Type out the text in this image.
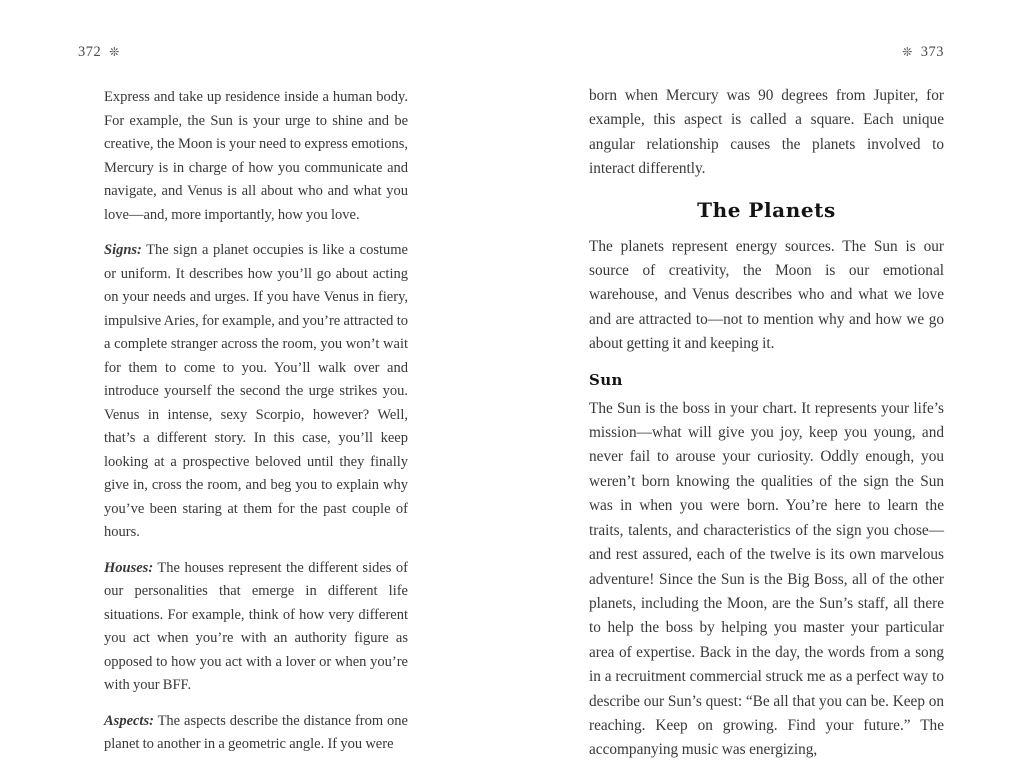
372 ❊

Express and take up residence inside a human body. For example, the Sun is your urge to shine and be creative, the Moon is your need to express emotions, Mercury is in charge of how you communicate and navigate, and Venus is all about who and what you love—and, more importantly, how you love.

Signs: The sign a planet occupies is like a costume or uniform. It describes how you’ll go about acting on your needs and urges. If you have Venus in fiery, impulsive Aries, for example, and you’re attracted to a complete stranger across the room, you won’t wait for them to come to you. You’ll walk over and introduce yourself the second the urge strikes you. Venus in intense, sexy Scorpio, however? Well, that’s a different story. In this case, you’ll keep looking at a prospective beloved until they finally give in, cross the room, and beg you to explain why you’ve been staring at them for the past couple of hours.

Houses: The houses represent the different sides of our personalities that emerge in different life situations. For example, think of how very different you act when you’re with an authority figure as opposed to how you act with a lover or when you’re with your BFF.

Aspects: The aspects describe the distance from one planet to another in a geometric angle. If you were

❊ 373

born when Mercury was 90 degrees from Jupiter, for example, this aspect is called a square. Each unique angular relationship causes the planets involved to interact differently.

The Planets

The planets represent energy sources. The Sun is our source of creativity, the Moon is our emotional warehouse, and Venus describes who and what we love and are attracted to—not to mention why and how we go about getting it and keeping it.

Sun

The Sun is the boss in your chart. It represents your life’s mission—what will give you joy, keep you young, and never fail to arouse your curiosity. Oddly enough, you weren’t born knowing the qualities of the sign the Sun was in when you were born. You’re here to learn the traits, talents, and characteristics of the sign you chose—and rest assured, each of the twelve is its own marvelous adventure! Since the Sun is the Big Boss, all of the other planets, including the Moon, are the Sun’s staff, all there to help the boss by helping you master your particular area of expertise. Back in the day, the words from a song in a recruitment commercial struck me as a perfect way to describe our Sun’s quest: “Be all that you can be. Keep on reaching. Keep on growing. Find your future.” The accompanying music was energizing,
